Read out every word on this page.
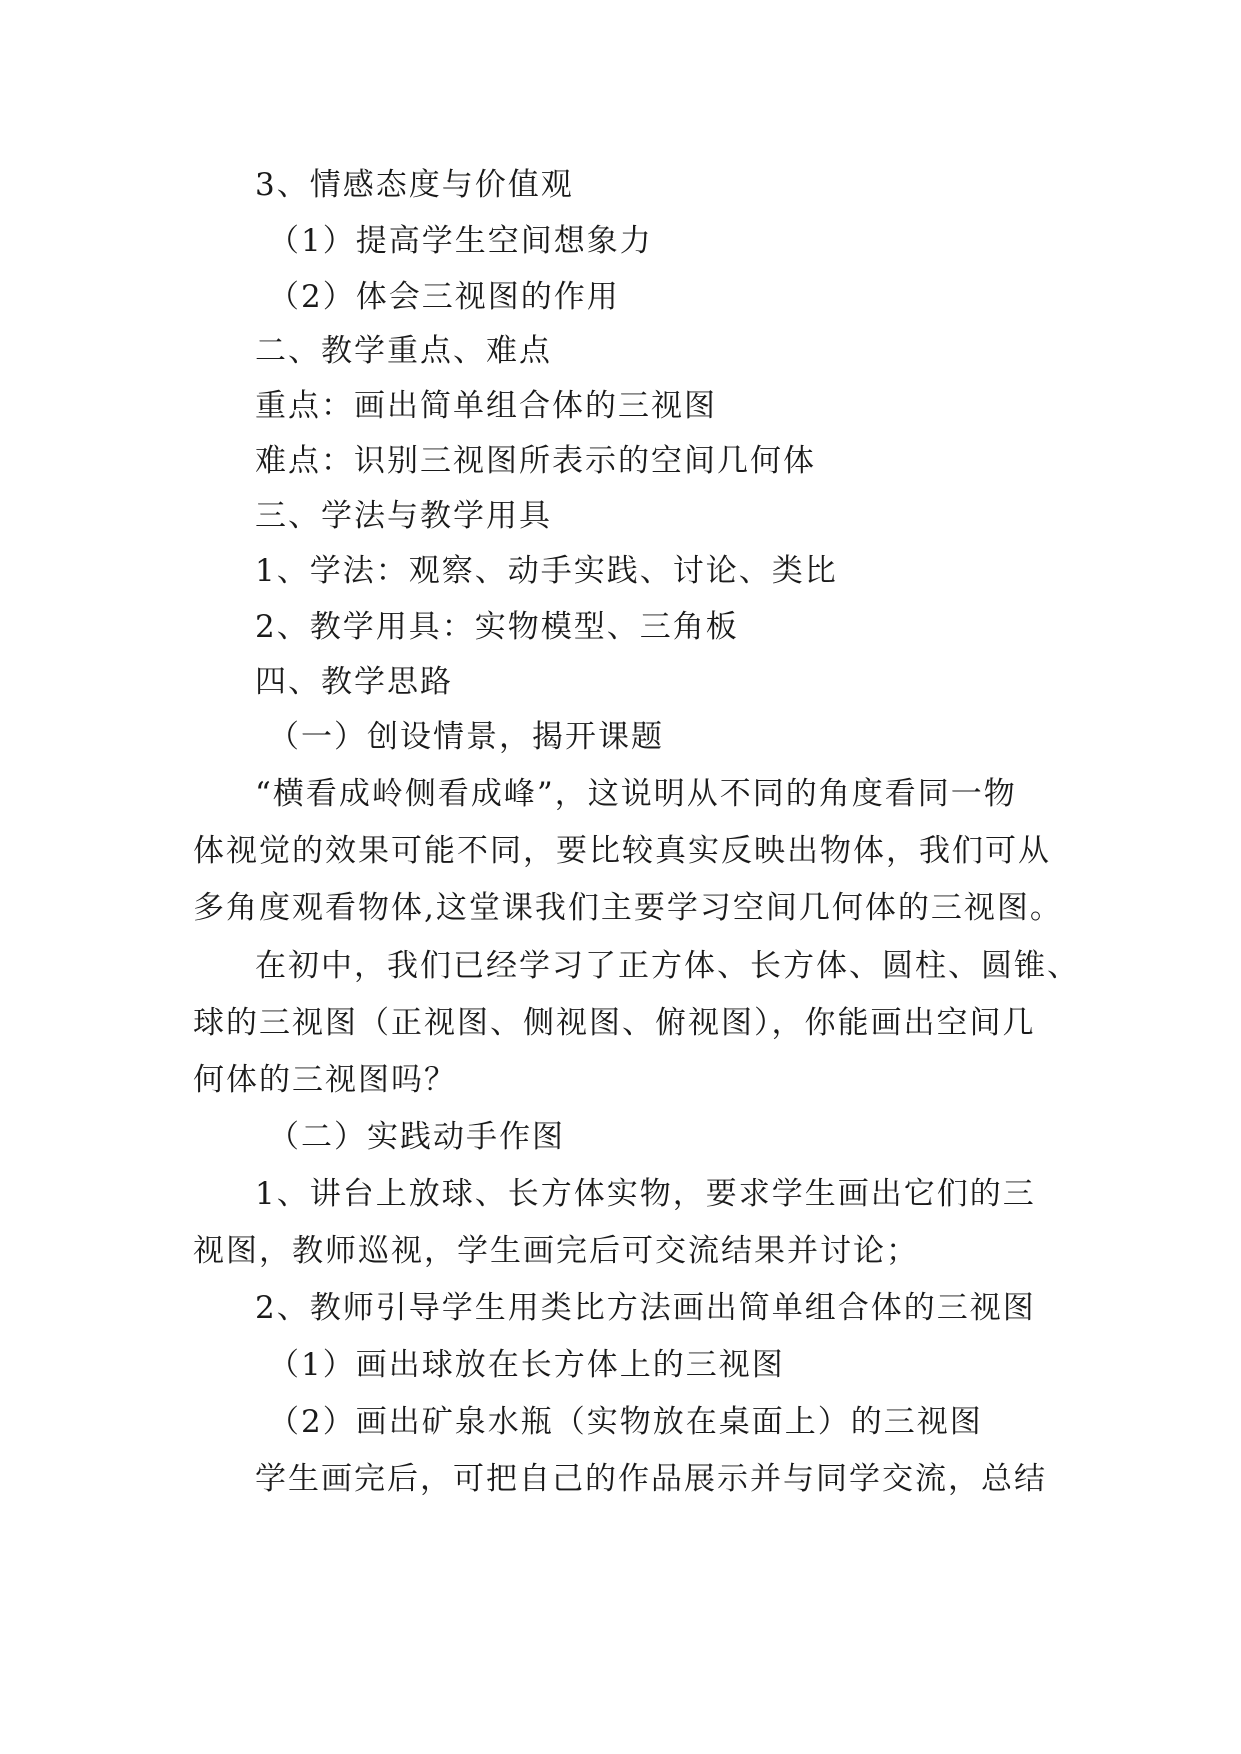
3、情感态度与价值观
（1）提高学生空间想象力
（2）体会三视图的作用
二、教学重点、难点
重点：画出简单组合体的三视图
难点：识别三视图所表示的空间几何体
三、学法与教学用具
1、学法：观察、动手实践、讨论、类比
2、教学用具：实物模型、三角板
四、教学思路
（一）创设情景，揭开课题
“横看成岭侧看成峰”，这说明从不同的角度看同一物
体视觉的效果可能不同，要比较真实反映出物体，我们可从
多角度观看物体,这堂课我们主要学习空间几何体的三视图。
在初中，我们已经学习了正方体、长方体、圆柱、圆锥、
球的三视图（正视图、侧视图、俯视图），你能画出空间几
何体的三视图吗？
（二）实践动手作图
1、讲台上放球、长方体实物，要求学生画出它们的三
视图，教师巡视，学生画完后可交流结果并讨论；
2、教师引导学生用类比方法画出简单组合体的三视图
（1）画出球放在长方体上的三视图
（2）画出矿泉水瓶（实物放在桌面上）的三视图
学生画完后，可把自己的作品展示并与同学交流，总结
